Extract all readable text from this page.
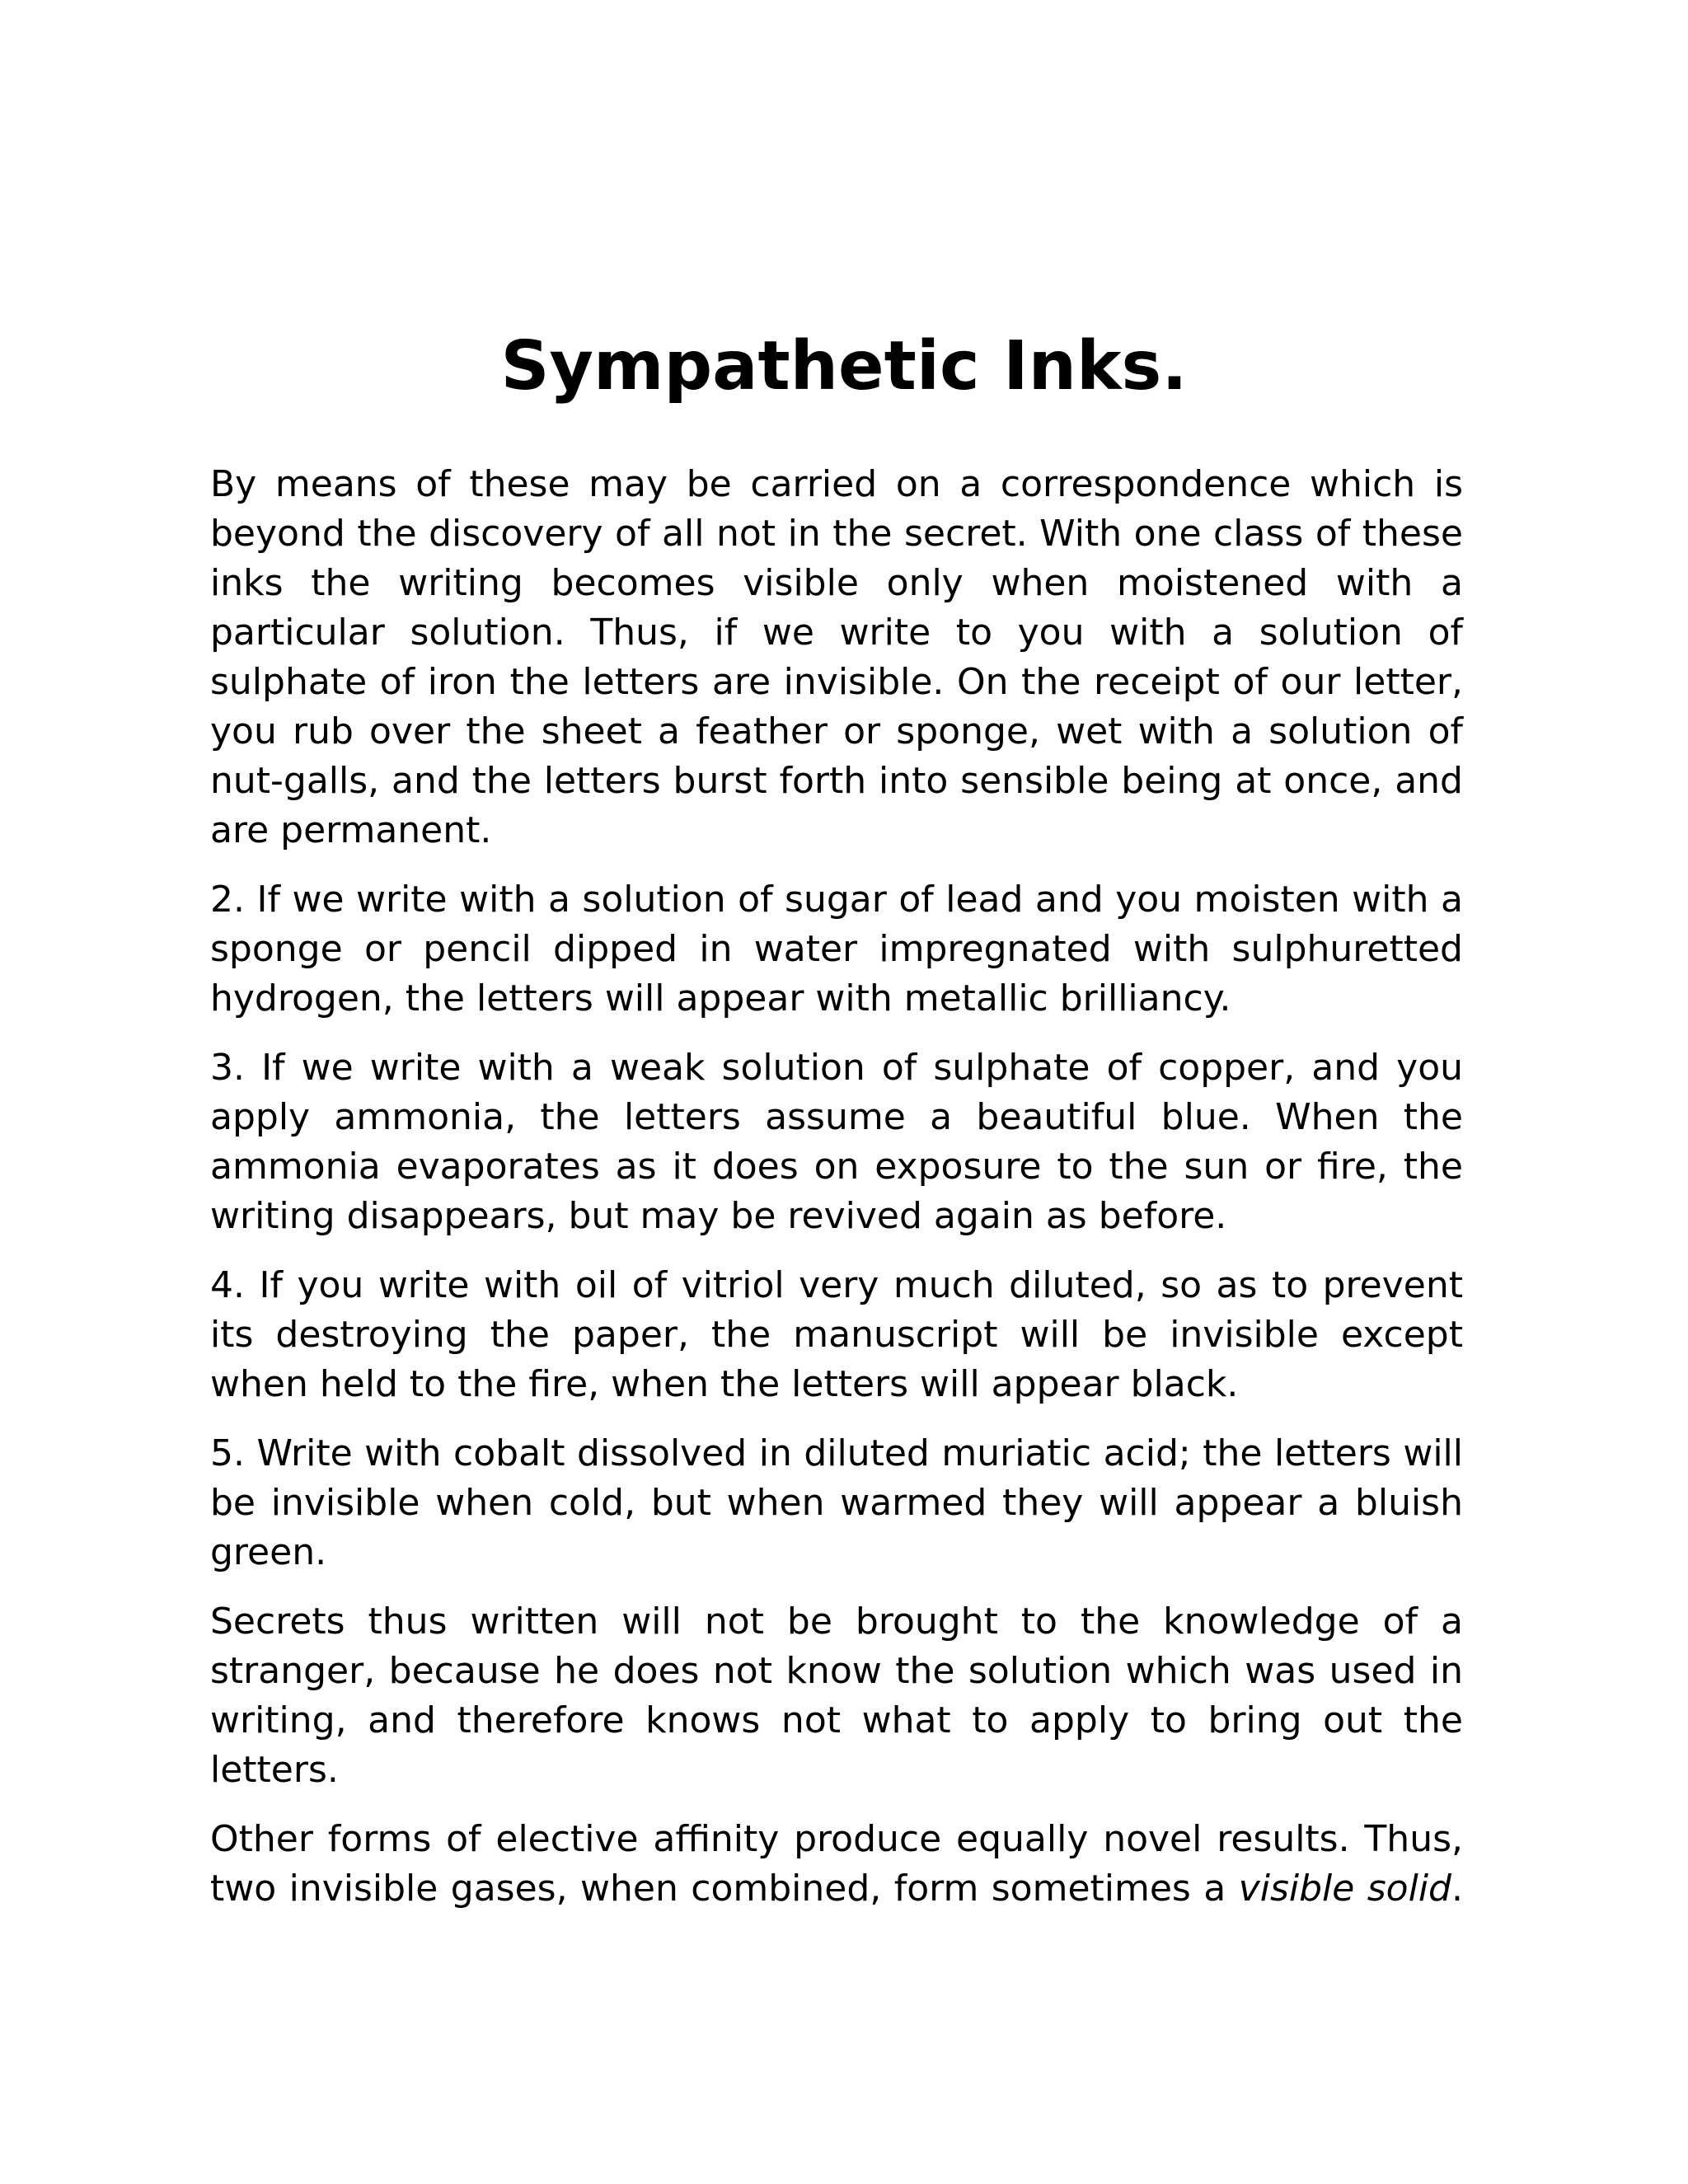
Sympathetic Inks.

By means of these may be carried on a correspondence which is beyond the discovery of all not in the secret. With one class of these inks the writing becomes visible only when moistened with a particular solution. Thus, if we write to you with a solution of sulphate of iron the letters are invisible. On the receipt of our letter, you rub over the sheet a feather or sponge, wet with a solution of nut-galls, and the letters burst forth into sensible being at once, and are permanent.

2. If we write with a solution of sugar of lead and you moisten with a sponge or pencil dipped in water impregnated with sulphuretted hydrogen, the letters will appear with metallic brilliancy.

3. If we write with a weak solution of sulphate of copper, and you apply ammonia, the letters assume a beautiful blue. When the ammonia evaporates as it does on exposure to the sun or fire, the writing disappears, but may be revived again as before.

4. If you write with oil of vitriol very much diluted, so as to prevent its destroying the paper, the manuscript will be invisible except when held to the fire, when the letters will appear black.

5. Write with cobalt dissolved in diluted muriatic acid; the letters will be invisible when cold, but when warmed they will appear a bluish green.

Secrets thus written will not be brought to the knowledge of a stranger, because he does not know the solution which was used in writing, and therefore knows not what to apply to bring out the letters.

Other forms of elective affinity produce equally novel results. Thus, two invisible gases, when combined, form sometimes a visible solid.
